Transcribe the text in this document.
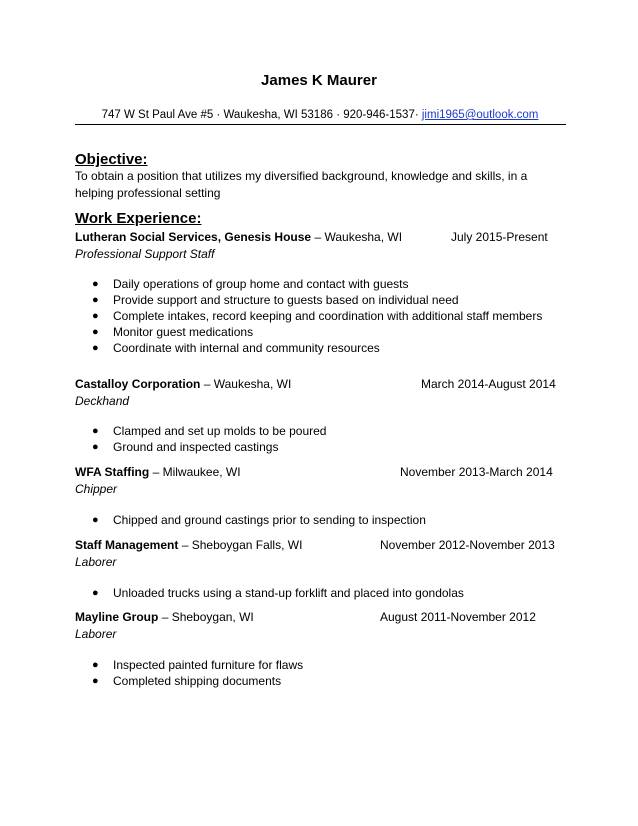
James K Maurer
747 W St Paul Ave #5 · Waukesha, WI 53186 · 920-946-1537· jimi1965@outlook.com
Objective:
To obtain a position that utilizes my diversified background, knowledge and skills, in a helping professional setting
Work Experience:
Lutheran Social Services, Genesis House – Waukesha, WI	July 2015-Present
Professional Support Staff
● Daily operations of group home and contact with guests
● Provide support and structure to guests based on individual need
● Complete intakes, record keeping and coordination with additional staff members
● Monitor guest medications
● Coordinate with internal and community resources
Castalloy Corporation – Waukesha, WI	March 2014-August 2014
Deckhand
● Clamped and set up molds to be poured
● Ground and inspected castings
WFA Staffing – Milwaukee, WI	November 2013-March 2014
Chipper
● Chipped and ground castings prior to sending to inspection
Staff Management – Sheboygan Falls, WI	November 2012-November 2013
Laborer
● Unloaded trucks using a stand-up forklift and placed into gondolas
Mayline Group – Sheboygan, WI	August 2011-November 2012
Laborer
● Inspected painted furniture for flaws
● Completed shipping documents
